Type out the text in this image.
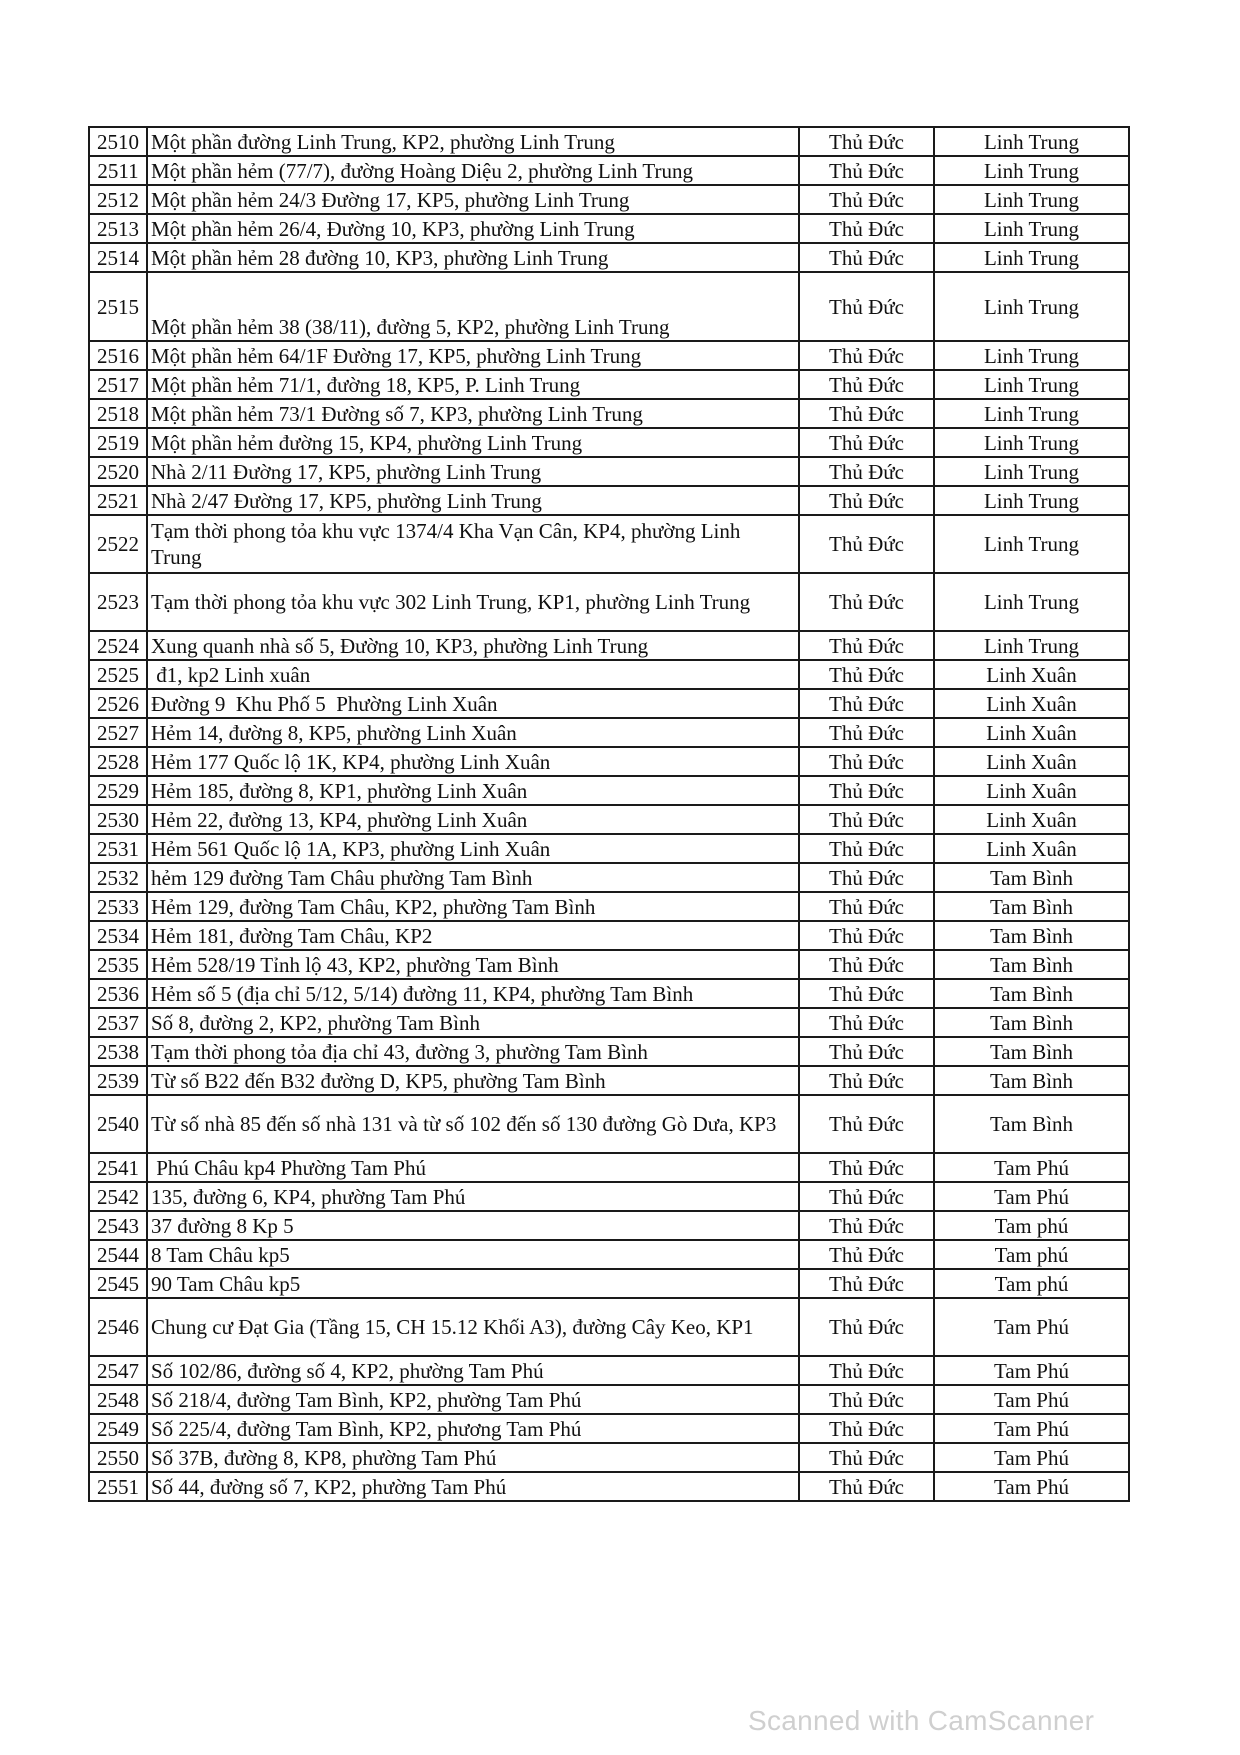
2510	Một phần đường Linh Trung, KP2, phường Linh Trung	Thủ Đức	Linh Trung
2511	Một phần hẻm (77/7), đường Hoàng Diệu 2, phường Linh Trung	Thủ Đức	Linh Trung
2512	Một phần hẻm 24/3 Đường 17, KP5, phường Linh Trung	Thủ Đức	Linh Trung
2513	Một phần hẻm 26/4, Đường 10, KP3, phường Linh Trung	Thủ Đức	Linh Trung
2514	Một phần hẻm 28 đường 10, KP3, phường Linh Trung	Thủ Đức	Linh Trung
2515	Một phần hẻm 38 (38/11), đường 5, KP2, phường Linh Trung	Thủ Đức	Linh Trung
2516	Một phần hẻm 64/1F Đường 17, KP5, phường Linh Trung	Thủ Đức	Linh Trung
2517	Một phần hẻm 71/1, đường 18, KP5, P. Linh Trung	Thủ Đức	Linh Trung
2518	Một phần hẻm 73/1 Đường số 7, KP3, phường Linh Trung	Thủ Đức	Linh Trung
2519	Một phần hẻm đường 15, KP4, phường Linh Trung	Thủ Đức	Linh Trung
2520	Nhà 2/11 Đường 17, KP5, phường Linh Trung	Thủ Đức	Linh Trung
2521	Nhà 2/47 Đường 17, KP5, phường Linh Trung	Thủ Đức	Linh Trung
2522	Tạm thời phong tỏa khu vực 1374/4 Kha Vạn Cân, KP4, phường Linh Trung	Thủ Đức	Linh Trung
2523	Tạm thời phong tỏa khu vực 302 Linh Trung, KP1, phường Linh Trung	Thủ Đức	Linh Trung
2524	Xung quanh nhà số 5, Đường 10, KP3, phường Linh Trung	Thủ Đức	Linh Trung
2525	đ1, kp2 Linh xuân	Thủ Đức	Linh Xuân
2526	Đường 9  Khu Phố 5  Phường Linh Xuân	Thủ Đức	Linh Xuân
2527	Hẻm 14, đường 8, KP5, phường Linh Xuân	Thủ Đức	Linh Xuân
2528	Hẻm 177 Quốc lộ 1K, KP4, phường Linh Xuân	Thủ Đức	Linh Xuân
2529	Hẻm 185, đường 8, KP1, phường Linh Xuân	Thủ Đức	Linh Xuân
2530	Hẻm 22, đường 13, KP4, phường Linh Xuân	Thủ Đức	Linh Xuân
2531	Hẻm 561 Quốc lộ 1A, KP3, phường Linh Xuân	Thủ Đức	Linh Xuân
2532	hẻm 129 đường Tam Châu phường Tam Bình	Thủ Đức	Tam Bình
2533	Hẻm 129, đường Tam Châu, KP2, phường Tam Bình	Thủ Đức	Tam Bình
2534	Hẻm 181, đường Tam Châu, KP2	Thủ Đức	Tam Bình
2535	Hẻm 528/19 Tỉnh lộ 43, KP2, phường Tam Bình	Thủ Đức	Tam Bình
2536	Hẻm số 5 (địa chỉ 5/12, 5/14) đường 11, KP4, phường Tam Bình	Thủ Đức	Tam Bình
2537	Số 8, đường 2, KP2, phường Tam Bình	Thủ Đức	Tam Bình
2538	Tạm thời phong tỏa địa chỉ 43, đường 3, phường Tam Bình	Thủ Đức	Tam Bình
2539	Từ số B22 đến B32 đường D, KP5, phường Tam Bình	Thủ Đức	Tam Bình
2540	Từ số nhà 85 đến số nhà 131 và từ số 102 đến số 130 đường Gò Dưa, KP3	Thủ Đức	Tam Bình
2541	Phú Châu kp4 Phường Tam Phú	Thủ Đức	Tam Phú
2542	135, đường 6, KP4, phường Tam Phú	Thủ Đức	Tam Phú
2543	37 đường 8 Kp 5	Thủ Đức	Tam phú
2544	8 Tam Châu kp5	Thủ Đức	Tam phú
2545	90 Tam Châu kp5	Thủ Đức	Tam phú
2546	Chung cư Đạt Gia (Tầng 15, CH 15.12 Khối A3), đường Cây Keo, KP1	Thủ Đức	Tam Phú
2547	Số 102/86, đường số 4, KP2, phường Tam Phú	Thủ Đức	Tam Phú
2548	Số 218/4, đường Tam Bình, KP2, phường Tam Phú	Thủ Đức	Tam Phú
2549	Số 225/4, đường Tam Bình, KP2, phương Tam Phú	Thủ Đức	Tam Phú
2550	Số 37B, đường 8, KP8, phường Tam Phú	Thủ Đức	Tam Phú
2551	Số 44, đường số 7, KP2, phường Tam Phú	Thủ Đức	Tam Phú
Scanned with CamScanner
